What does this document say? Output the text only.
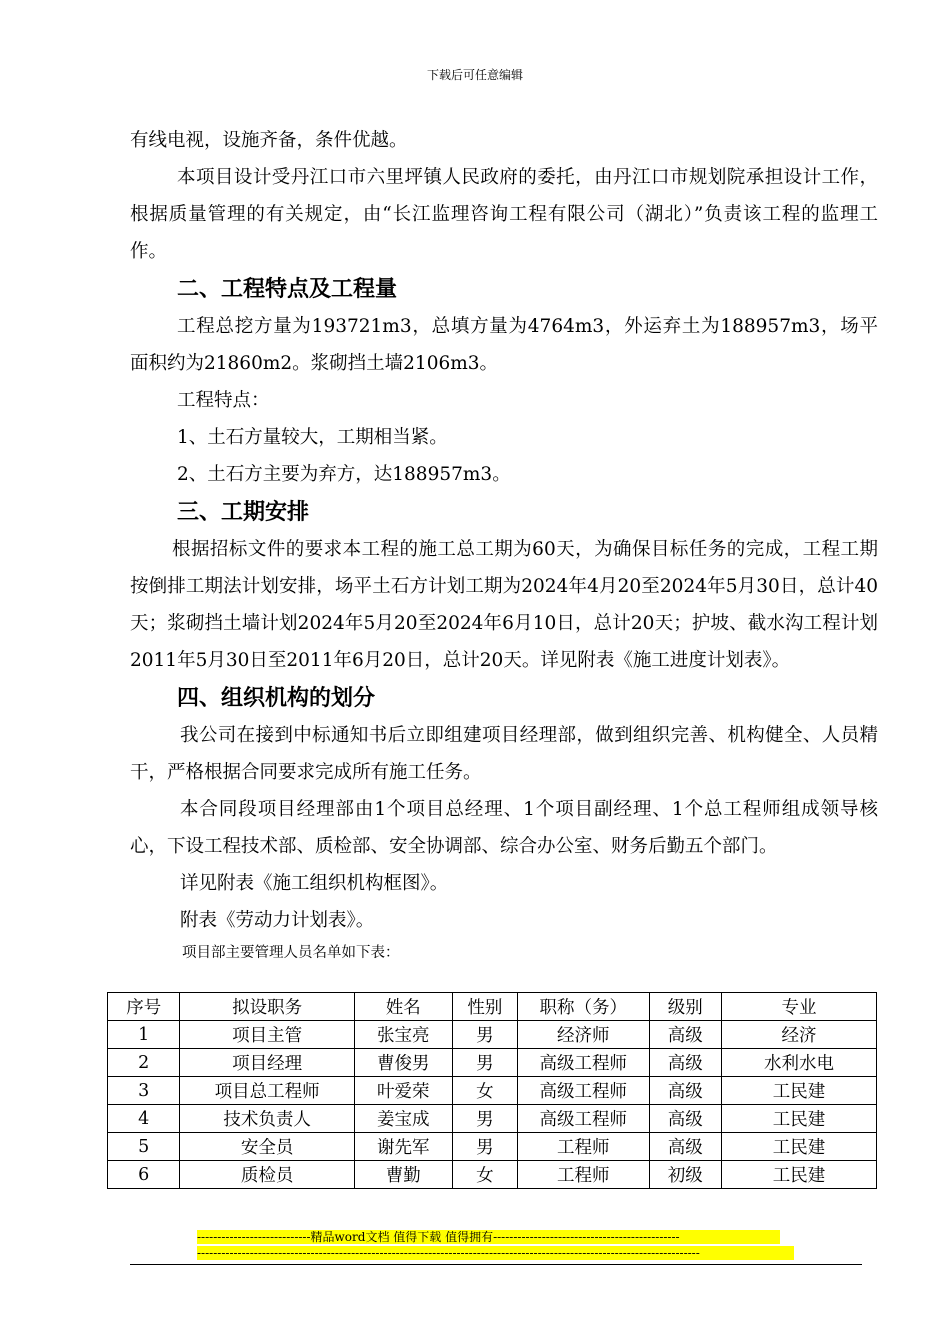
下载后可任意编辑

有线电视，设施齐备，条件优越。

本项目设计受丹江口市六里坪镇人民政府的委托，由丹江口市规划院承担设计工作，根据质量管理的有关规定，由“长江监理咨询工程有限公司（湖北）”负责该工程的监理工作。

二、工程特点及工程量

工程总挖方量为193721m3，总填方量为4764m3，外运弃土为188957m3，场平面积约为21860m2。浆砌挡土墙2106m3。

工程特点：

1、土石方量较大，工期相当紧。

2、土石方主要为弃方，达188957m3。

三、工期安排

根据招标文件的要求本工程的施工总工期为60天，为确保目标任务的完成，工程工期按倒排工期法计划安排，场平土石方计划工期为2024年4月20至2024年5月30日，总计40天；浆砌挡土墙计划2024年5月20至2024年6月10日，总计20天；护坡、截水沟工程计划2011年5月30日至2011年6月20日，总计20天。详见附表《施工进度计划表》。

四、组织机构的划分

我公司在接到中标通知书后立即组建项目经理部，做到组织完善、机构健全、人员精干，严格根据合同要求完成所有施工任务。

本合同段项目经理部由1个项目总经理、1个项目副经理、1个总工程师组成领导核心，下设工程技术部、质检部、安全协调部、综合办公室、财务后勤五个部门。

详见附表《施工组织机构框图》。

附表《劳动力计划表》。

项目部主要管理人员名单如下表：
序号	拟设职务	姓名	性别	职称（务）	级别	专业
1	项目主管	张宝亮	男	经济师	高级	经济
2	项目经理	曹俊男	男	高级工程师	高级	水利水电
3	项目总工程师	叶爱荣	女	高级工程师	高级	工民建
4	技术负责人	姜宝成	男	高级工程师	高级	工民建
5	安全员	谢先军	男	工程师	高级	工民建
6	质检员	曹勤	女	工程师	初级	工民建
----------------------------精品word文档 值得下载 值得拥有----------------------------------------------
----------------------------------------------------------------------------------------------------------------------------
